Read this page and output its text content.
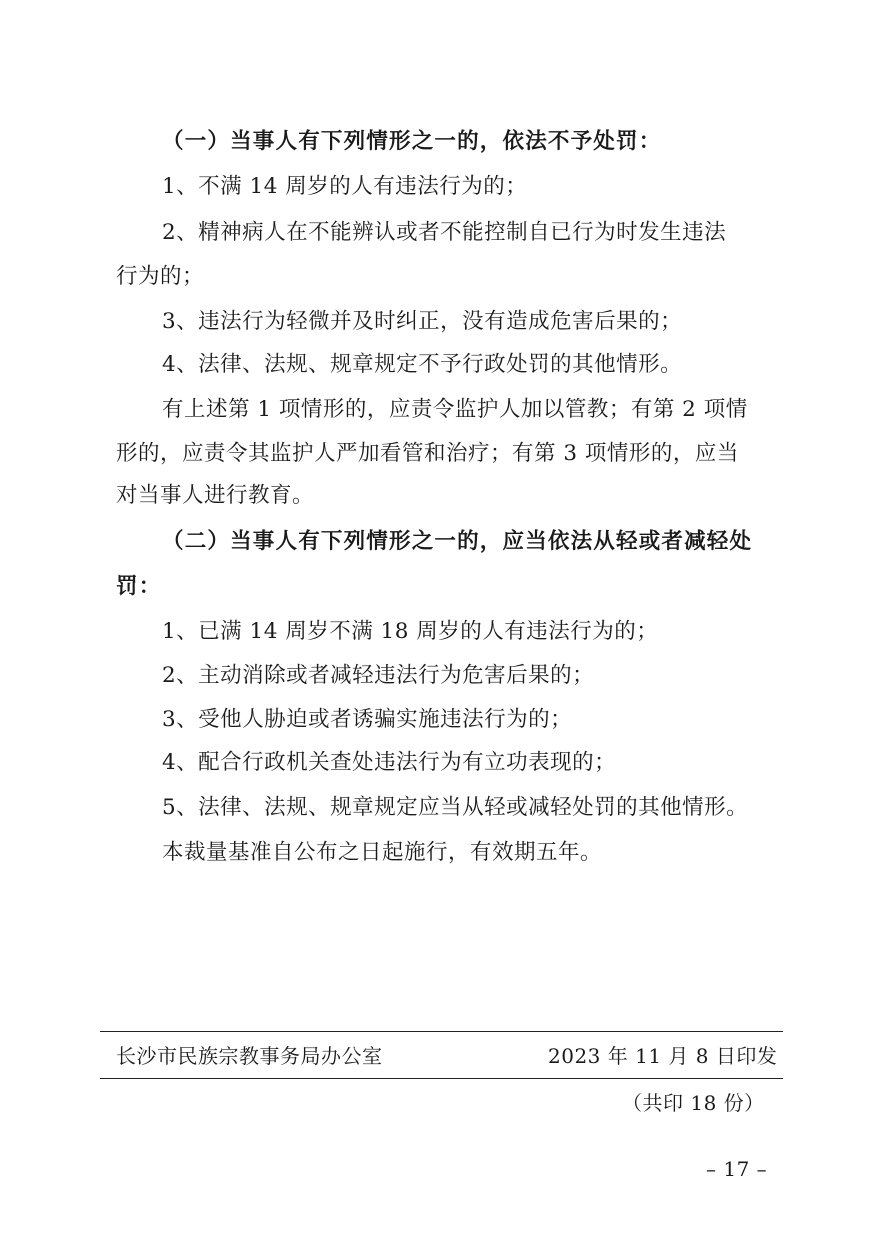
（一）当事人有下列情形之一的，依法不予处罚：
1、不满 14 周岁的人有违法行为的；
2、精神病人在不能辨认或者不能控制自已行为时发生违法
行为的；
3、违法行为轻微并及时纠正，没有造成危害后果的；
4、法律、法规、规章规定不予行政处罚的其他情形。
有上述第 1 项情形的，应责令监护人加以管教；有第 2 项情
形的，应责令其监护人严加看管和治疗；有第 3 项情形的，应当
对当事人进行教育。
（二）当事人有下列情形之一的，应当依法从轻或者减轻处
罚：
1、已满 14 周岁不满 18 周岁的人有违法行为的；
2、主动消除或者减轻违法行为危害后果的；
3、受他人胁迫或者诱骗实施违法行为的；
4、配合行政机关查处违法行为有立功表现的；
5、法律、法规、规章规定应当从轻或减轻处罚的其他情形。
本裁量基准自公布之日起施行，有效期五年。
长沙市民族宗教事务局办公室	2023 年 11 月 8 日印发
（共印 18 份）
– 17 –
